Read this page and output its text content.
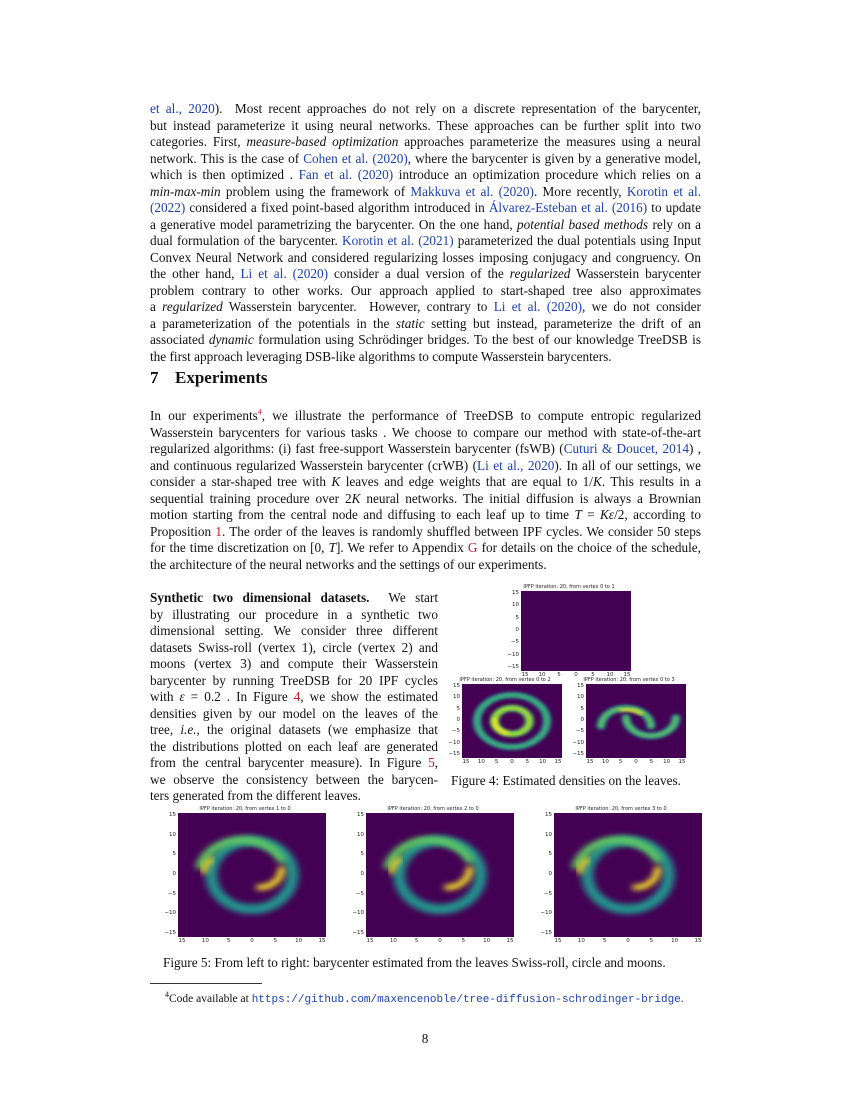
et al., 2020).  Most recent approaches do not rely on a discrete representation of the barycenter,
but instead parameterize it using neural networks. These approaches can be further split into two
categories. First, measure-based optimization approaches parameterize the measures using a neural
network. This is the case of Cohen et al. (2020), where the barycenter is given by a generative model,
which is then optimized . Fan et al. (2020) introduce an optimization procedure which relies on a
min-max-min problem using the framework of Makkuva et al. (2020). More recently, Korotin et al.
(2022) considered a fixed point-based algorithm introduced in Álvarez-Esteban et al. (2016) to update
a generative model parametrizing the barycenter. On the one hand, potential based methods rely on a
dual formulation of the barycenter. Korotin et al. (2021) parameterized the dual potentials using Input
Convex Neural Network and considered regularizing losses imposing conjugacy and congruency. On
the other hand, Li et al. (2020) consider a dual version of the regularized Wasserstein barycenter
problem contrary to other works. Our approach applied to start-shaped tree also approximates
a regularized Wasserstein barycenter.  However, contrary to Li et al. (2020), we do not consider
a parameterization of the potentials in the static setting but instead, parameterize the drift of an
associated dynamic formulation using Schrödinger bridges. To the best of our knowledge TreeDSB is
the first approach leveraging DSB-like algorithms to compute Wasserstein barycenters.
7 Experiments
In our experiments$^4$, we illustrate the performance of TreeDSB to compute entropic regularized
Wasserstein barycenters for various tasks . We choose to compare our method with state-of-the-art
regularized algorithms: (i) fast free-support Wasserstein barycenter (fsWB) (Cuturi & Doucet, 2014) ,
and continuous regularized Wasserstein barycenter (crWB) (Li et al., 2020). In all of our settings, we
consider a star-shaped tree with K leaves and edge weights that are equal to 1/K. This results in a
sequential training procedure over 2K neural networks. The initial diffusion is always a Brownian
motion starting from the central node and diffusing to each leaf up to time T = Kε/2, according to
Proposition 1. The order of the leaves is randomly shuffled between IPF cycles. We consider 50 steps
for the time discretization on [0, T]. We refer to Appendix G for details on the choice of the schedule,
the architecture of the neural networks and the settings of our experiments.
Synthetic two dimensional datasets. We start
by illustrating our procedure in a synthetic two
dimensional setting. We consider three different
datasets Swiss-roll (vertex 1), circle (vertex 2) and
moons (vertex 3) and compute their Wasserstein
barycenter by running TreeDSB for 20 IPF cycles
with ε = 0.2 . In Figure 4, we show the estimated
densities given by our model on the leaves of the
tree, i.e., the original datasets (we emphasize that
the distributions plotted on each leaf are generated
from the central barycenter measure). In Figure 5,
we observe the consistency between the barycen-
ters generated from the different leaves.
IPFP iteration: 20, from vertex 0 to 1
15
10
5
0
−5
−10
−15
15	10	5	0	5	10	15
IPFP iteration: 20, from vertex 0 to 2
15
10
5
0
−5
−10
−15
15	10	5	0	5	10	15
IPFP iteration: 20, from vertex 0 to 3
15
10
5
0
−5
−10
−15
15	10	5	0	5	10	15
Figure 4: Estimated densities on the leaves.
IPFP iteration: 20, from vertex 1 to 0
15
10
5
0
−5
−10
−15
15	10	5	0	5	10	15
IPFP iteration: 20, from vertex 2 to 0
15
10
5
0
−5
−10
−15
15	10	5	0	5	10	15
IPFP iteration: 20, from vertex 3 to 0
15
10
5
0
−5
−10
−15
15	10	5	0	5	10	15
Figure 5: From left to right: barycenter estimated from the leaves Swiss-roll, circle and moons.
$^4$Code available at https://github.com/maxencenoble/tree-diffusion-schrodinger-bridge.
8
